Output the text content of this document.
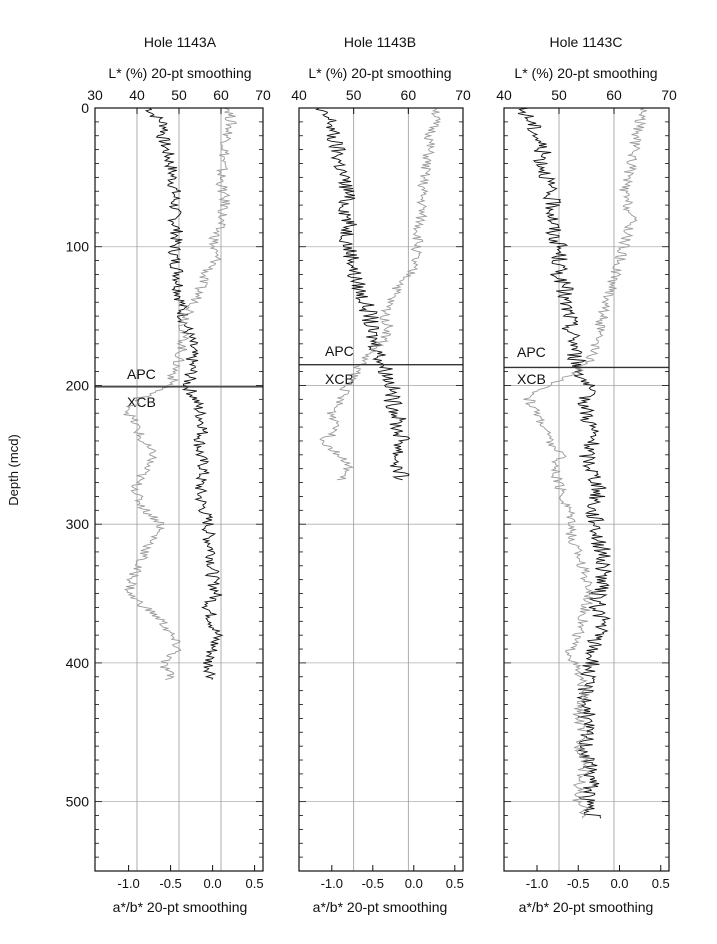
Depth (mcd)
Hole 1143A
L* (%) 20-pt smoothing
a*/b* 20-pt smoothing
APC
XCB
30 40 50 60 70
-1.0 -0.5 0.0 0.5
Hole 1143B
L* (%) 20-pt smoothing
a*/b* 20-pt smoothing
APC
XCB
40	50	60	70
-1.0 -0.5 0.0 0.5
Hole 1143C
L* (%) 20-pt smoothing
a*/b* 20-pt smoothing
APC
XCB
40	50	60	70
-1.0 -0.5 0.0 0.5
0
100
200
300
400
500
